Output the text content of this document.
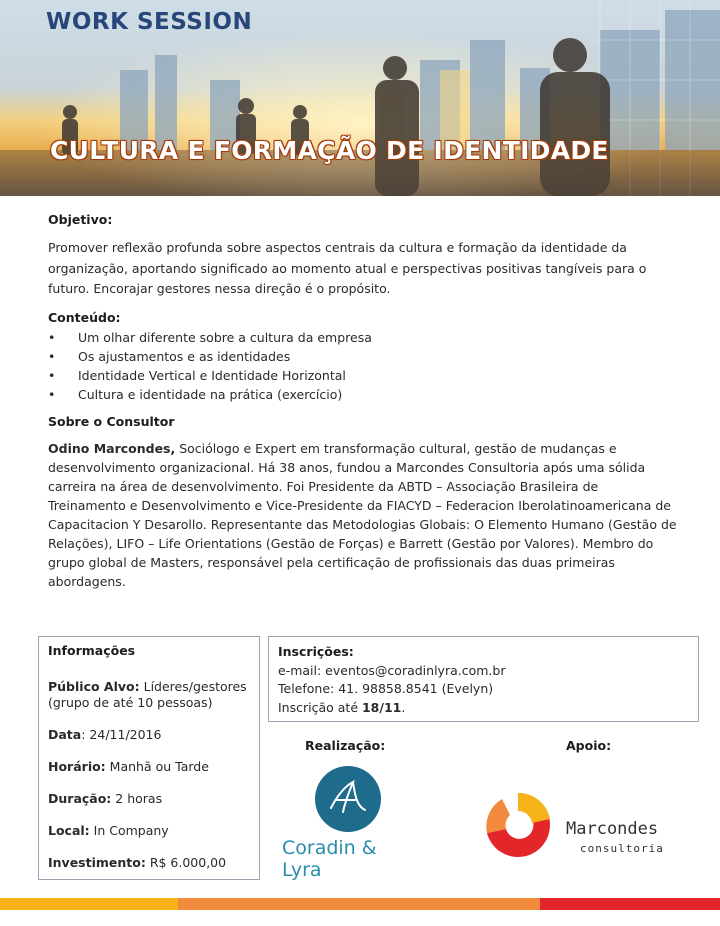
WORK SESSION
CULTURA E FORMAÇÃO DE IDENTIDADE
Objetivo:
Promover reflexão profunda sobre aspectos centrais da cultura e formação da identidade da organização, aportando significado ao momento atual e perspectivas positivas tangíveis para o futuro. Encorajar gestores nessa direção é o propósito.
Conteúdo:
• Um olhar diferente sobre a cultura da empresa
• Os ajustamentos e as identidades
• Identidade Vertical e Identidade Horizontal
• Cultura e identidade na prática (exercício)
Sobre o Consultor
Odino Marcondes, Sociólogo e Expert em transformação cultural, gestão de mudanças e desenvolvimento organizacional. Há 38 anos, fundou a Marcondes Consultoria após uma sólida carreira na área de desenvolvimento. Foi Presidente da ABTD – Associação Brasileira de Treinamento e Desenvolvimento e Vice-Presidente da FIACYD – Federacion Iberolatinoamericana de Capacitacion Y Desarollo. Representante das Metodologias Globais: O Elemento Humano (Gestão de Relações), LIFO – Life Orientations (Gestão de Forças) e Barrett (Gestão por Valores). Membro do grupo global de Masters, responsável pela certificação de profissionais das duas primeiras abordagens.
Informações
Público Alvo: Líderes/gestores (grupo de até 10 pessoas)
Data: 24/11/2016
Horário: Manhã ou Tarde
Duração: 2 horas
Local: In Company
Investimento: R$ 6.000,00
Inscrições:
e-mail: eventos@coradinlyra.com.br
Telefone: 41. 98858.8541 (Evelyn)
Inscrição até 18/11.
Realização:	Apoio:
Coradin & Lyra
Marcondes
consultoria
